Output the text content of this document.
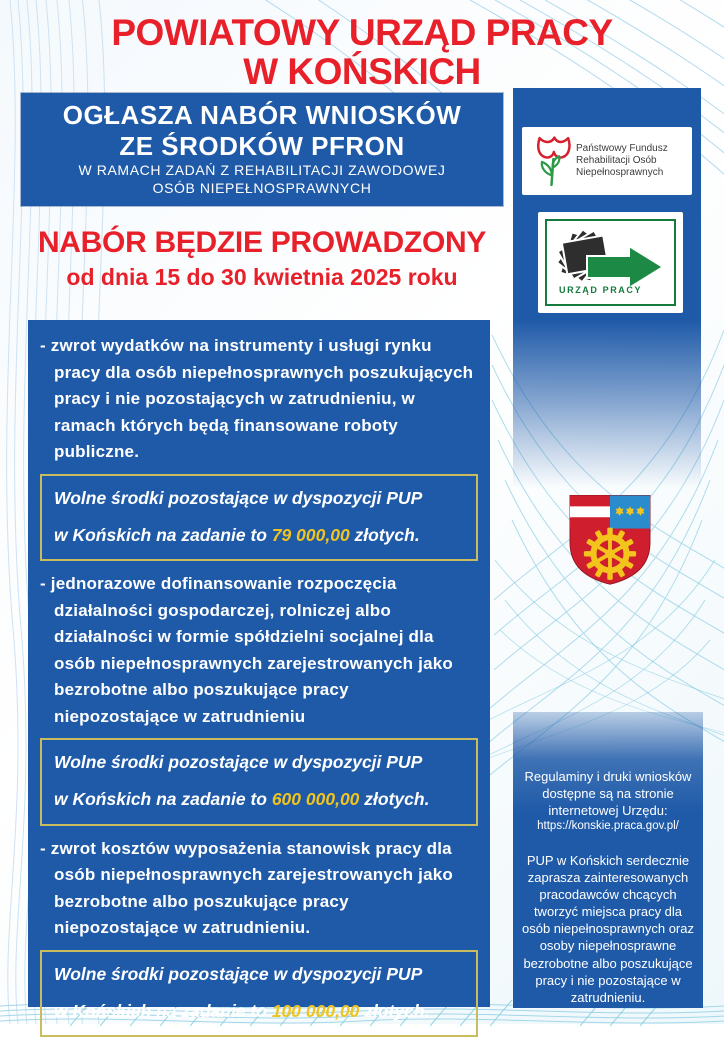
POWIATOWY URZĄD PRACY
W KOŃSKICH
OGŁASZA NABÓR WNIOSKÓW
ZE ŚRODKÓW PFRON
W RAMACH ZADAŃ Z REHABILITACJI ZAWODOWEJ
OSÓB NIEPEŁNOSPRAWNYCH
Państwowy Fundusz Rehabilitacji Osób Niepełnosprawnych
URZĄD PRACY
NABÓR BĘDZIE PROWADZONY
od dnia 15 do 30 kwietnia 2025 roku

- zwrot wydatków na instrumenty i usługi rynku pracy dla osób niepełnosprawnych poszukujących pracy i nie pozostających w zatrudnieniu, w ramach których będą finansowane roboty publiczne.

Wolne środki pozostające w dyspozycji PUP
w Końskich na zadanie to 79 000,00 złotych.

- jednorazowe dofinansowanie rozpoczęcia działalności gospodarczej, rolniczej albo działalności w formie spółdzielni socjalnej dla osób niepełnosprawnych zarejestrowanych jako bezrobotne albo poszukujące pracy niepozostające w zatrudnieniu

Wolne środki pozostające w dyspozycji PUP
w Końskich na zadanie to 600 000,00 złotych.

- zwrot kosztów wyposażenia stanowisk pracy dla osób niepełnosprawnych zarejestrowanych jako bezrobotne albo poszukujące pracy niepozostające w zatrudnieniu.

Wolne środki pozostające w dyspozycji PUP
w Końskich na zadanie to 100 000,00 złotych.

Regulaminy i druki wniosków dostępne są na stronie internetowej Urzędu:

https://konskie.praca.gov.pl/

PUP w Końskich serdecznie zaprasza zainteresowanych pracodawców chcących tworzyć miejsca pracy dla osób niepełnosprawnych oraz osoby niepełnosprawne bezrobotne albo poszukujące pracy i nie pozostające w zatrudnieniu.
